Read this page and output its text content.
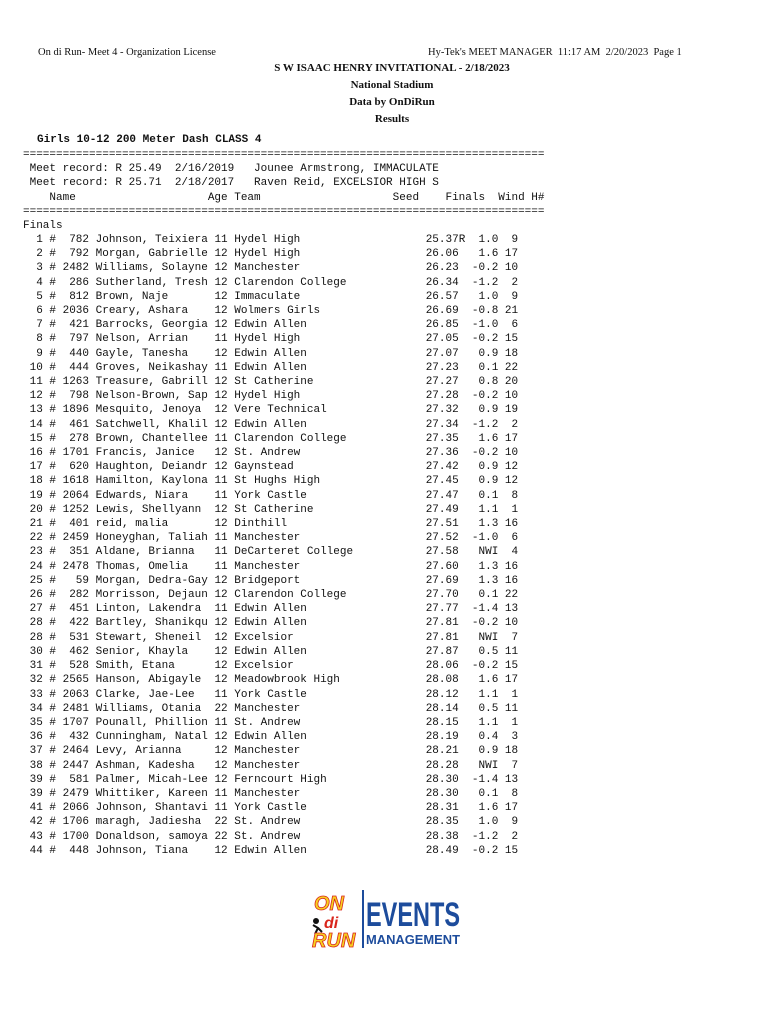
On di Run- Meet 4 - Organization License	Hy-Tek's MEET MANAGER  11:17 AM  2/20/2023  Page 1
S W ISAAC HENRY INVITATIONAL - 2/18/2023
National Stadium
Data by OnDiRun
Results
Girls 10-12 200 Meter Dash CLASS 4
===============================================================================
Meet record: R 25.49  2/16/2019   Jounee Armstrong, IMMACULATE
Meet record: R 25.71  2/18/2017   Raven Reid, EXCELSIOR HIGH S
Name                    Age Team                    Seed    Finals  Wind H#
===============================================================================
Finals
1 #  782 Johnson, Teixiera 11 Hydel High                   25.37R  1.0  9
2 #  792 Morgan, Gabrielle 12 Hydel High                   26.06   1.6 17
3 # 2482 Williams, Solayne 12 Manchester                   26.23  -0.2 10
4 #  286 Sutherland, Tresh 12 Clarendon College            26.34  -1.2  2
5 #  812 Brown, Naje       12 Immaculate                   26.57   1.0  9
6 # 2036 Creary, Ashara    12 Wolmers Girls                26.69  -0.8 21
7 #  421 Barrocks, Georgia 12 Edwin Allen                  26.85  -1.0  6
8 #  797 Nelson, Arrian    11 Hydel High                   27.05  -0.2 15
9 #  440 Gayle, Tanesha    12 Edwin Allen                  27.07   0.9 18
10 #  444 Groves, Neikashay 11 Edwin Allen                  27.23   0.1 22
11 # 1263 Treasure, Gabrill 12 St Catherine                 27.27   0.8 20
12 #  798 Nelson-Brown, Sap 12 Hydel High                   27.28  -0.2 10
13 # 1896 Mesquito, Jenoya  12 Vere Technical               27.32   0.9 19
14 #  461 Satchwell, Khalil 12 Edwin Allen                  27.34  -1.2  2
15 #  278 Brown, Chantellee 11 Clarendon College            27.35   1.6 17
16 # 1701 Francis, Janice   12 St. Andrew                   27.36  -0.2 10
17 #  620 Haughton, Deiandr 12 Gaynstead                    27.42   0.9 12
18 # 1618 Hamilton, Kaylona 11 St Hughs High                27.45   0.9 12
19 # 2064 Edwards, Niara    11 York Castle                  27.47   0.1  8
20 # 1252 Lewis, Shellyann  12 St Catherine                 27.49   1.1  1
21 #  401 reid, malia       12 Dinthill                     27.51   1.3 16
22 # 2459 Honeyghan, Taliah 11 Manchester                   27.52  -1.0  6
23 #  351 Aldane, Brianna   11 DeCarteret College           27.58   NWI  4
24 # 2478 Thomas, Omelia    11 Manchester                   27.60   1.3 16
25 #   59 Morgan, Dedra-Gay 12 Bridgeport                   27.69   1.3 16
26 #  282 Morrisson, Dejaun 12 Clarendon College            27.70   0.1 22
27 #  451 Linton, Lakendra  11 Edwin Allen                  27.77  -1.4 13
28 #  422 Bartley, Shanikqu 12 Edwin Allen                  27.81  -0.2 10
28 #  531 Stewart, Sheneil  12 Excelsior                    27.81   NWI  7
30 #  462 Senior, Khayla    12 Edwin Allen                  27.87   0.5 11
31 #  528 Smith, Etana      12 Excelsior                    28.06  -0.2 15
32 # 2565 Hanson, Abigayle  12 Meadowbrook High             28.08   1.6 17
33 # 2063 Clarke, Jae-Lee   11 York Castle                  28.12   1.1  1
34 # 2481 Williams, Otania  22 Manchester                   28.14   0.5 11
35 # 1707 Pounall, Phillion 11 St. Andrew                   28.15   1.1  1
36 #  432 Cunningham, Natal 12 Edwin Allen                  28.19   0.4  3
37 # 2464 Levy, Arianna     12 Manchester                   28.21   0.9 18
38 # 2447 Ashman, Kadesha   12 Manchester                   28.28   NWI  7
39 #  581 Palmer, Micah-Lee 12 Ferncourt High               28.30  -1.4 13
39 # 2479 Whittiker, Kareen 11 Manchester                   28.30   0.1  8
41 # 2066 Johnson, Shantavi 11 York Castle                  28.31   1.6 17
42 # 1706 maragh, Jadiesha  22 St. Andrew                   28.35   1.0  9
43 # 1700 Donaldson, samoya 22 St. Andrew                   28.38  -1.2  2
44 #  448 Johnson, Tiana    12 Edwin Allen                  28.49  -0.2 15
ON
di
RUN
EVENTS
MANAGEMENT
